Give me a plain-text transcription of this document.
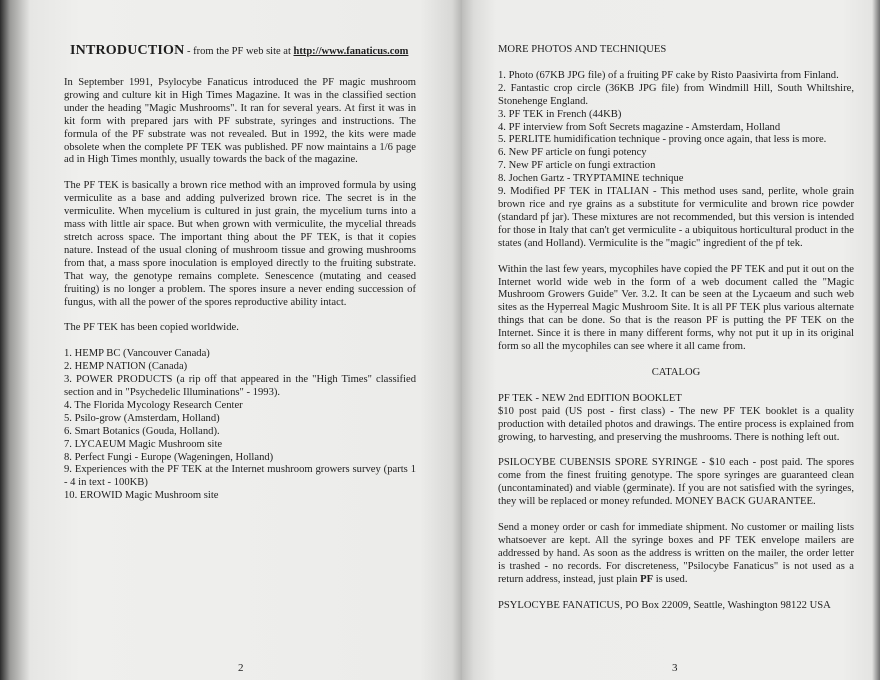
INTRODUCTION - from the PF web site at http://www.fanaticus.com

In September 1991, Psylocybe Fanaticus introduced the PF magic mushroom growing and culture kit in High Times Magazine. It was in the classified section under the heading "Magic Mushrooms". It ran for several years. At first it was in kit form with prepared jars with PF substrate, syringes and instructions. The formula of the PF substrate was not revealed. But in 1992, the kits were made obsolete when the complete PF TEK was published. PF now maintains a 1/6 page ad in High Times monthly, usually towards the back of the magazine.

The PF TEK is basically a brown rice method with an improved formula by using vermiculite as a base and adding pulverized brown rice. The secret is in the vermiculite. When mycelium is cultured in just grain, the mycelium turns into a mass with little air space. But when grown with vermiculite, the mycelial threads stretch across space. The important thing about the PF TEK, is that it copies nature. Instead of the usual cloning of mushroom tissue and growing mushrooms from that, a mass spore inoculation is employed directly to the fruiting substrate. That way, the genotype remains complete. Senescence (mutating and ceased fruiting) is no longer a problem. The spores insure a never ending succession of fungus, with all the power of the spores reproductive ability intact.

The PF TEK has been copied worldwide.

1. HEMP BC (Vancouver Canada)
2. HEMP NATION (Canada)
3. POWER PRODUCTS (a rip off that appeared in the "High Times" classified section and in "Psychedelic Illuminations" - 1993).
4. The Florida Mycology Research Center
5. Psilo-grow (Amsterdam, Holland)
6. Smart Botanics (Gouda, Holland).
7. LYCAEUM Magic Mushroom site
8. Perfect Fungi - Europe (Wageningen, Holland)
9. Experiences with the PF TEK at the Internet mushroom growers survey (parts 1 - 4 in text - 100KB)
10. EROWID Magic Mushroom site
2

MORE PHOTOS AND TECHNIQUES

1. Photo (67KB JPG file) of a fruiting PF cake by Risto Paasivirta from Finland.
2. Fantastic crop circle (36KB JPG file) from Windmill Hill, South Whiltshire, Stonehenge England.
3. PF TEK in French (44KB)
4. PF interview from Soft Secrets magazine - Amsterdam, Holland
5. PERLITE humidification technique - proving once again, that less is more.
6. New PF article on fungi potency
7. New PF article on fungi extraction
8. Jochen Gartz - TRYPTAMINE technique
9. Modified PF TEK in ITALIAN - This method uses sand, perlite, whole grain brown rice and rye grains as a substitute for vermiculite and brown rice powder (standard pf jar). These mixtures are not recommended, but this version is intended for those in Italy that can't get vermiculite - a ubiquitous horticultural product in the states (and Holland). Vermiculite is the "magic" ingredient of the pf tek.

Within the last few years, mycophiles have copied the PF TEK and put it out on the Internet world wide web in the form of a web document called the "Magic Mushroom Growers Guide" Ver. 3.2. It can be seen at the Lycaeum and such web sites as the Hyperreal Magic Mushroom Site. It is all PF TEK plus various alternate things that can be done. So that is the reason PF is putting the PF TEK on the Internet. Since it is there in many different forms, why not put it up in its original form so all the mycophiles can see where it all came from.

CATALOG

PF TEK - NEW 2nd EDITION BOOKLET

$10 post paid (US post - first class) - The new PF TEK booklet is a quality production with detailed photos and drawings. The entire process is explained from growing, to harvesting, and preserving the mushrooms. There is nothing left out.

PSILOCYBE CUBENSIS SPORE SYRINGE - $10 each - post paid. The spores come from the finest fruiting genotype. The spore syringes are guaranteed clean (uncontaminated) and viable (germinate). If you are not satisfied with the syringes, they will be replaced or money refunded. MONEY BACK GUARANTEE.

Send a money order or cash for immediate shipment. No customer or mailing lists whatsoever are kept. All the syringe boxes and PF TEK envelope mailers are addressed by hand. As soon as the address is written on the mailer, the order letter is trashed - no records. For discreteness, "Psilocybe Fanaticus" is not used as a return address, instead, just plain PF is used.

PSYLOCYBE FANATICUS, PO Box 22009, Seattle, Washington 98122 USA

3
